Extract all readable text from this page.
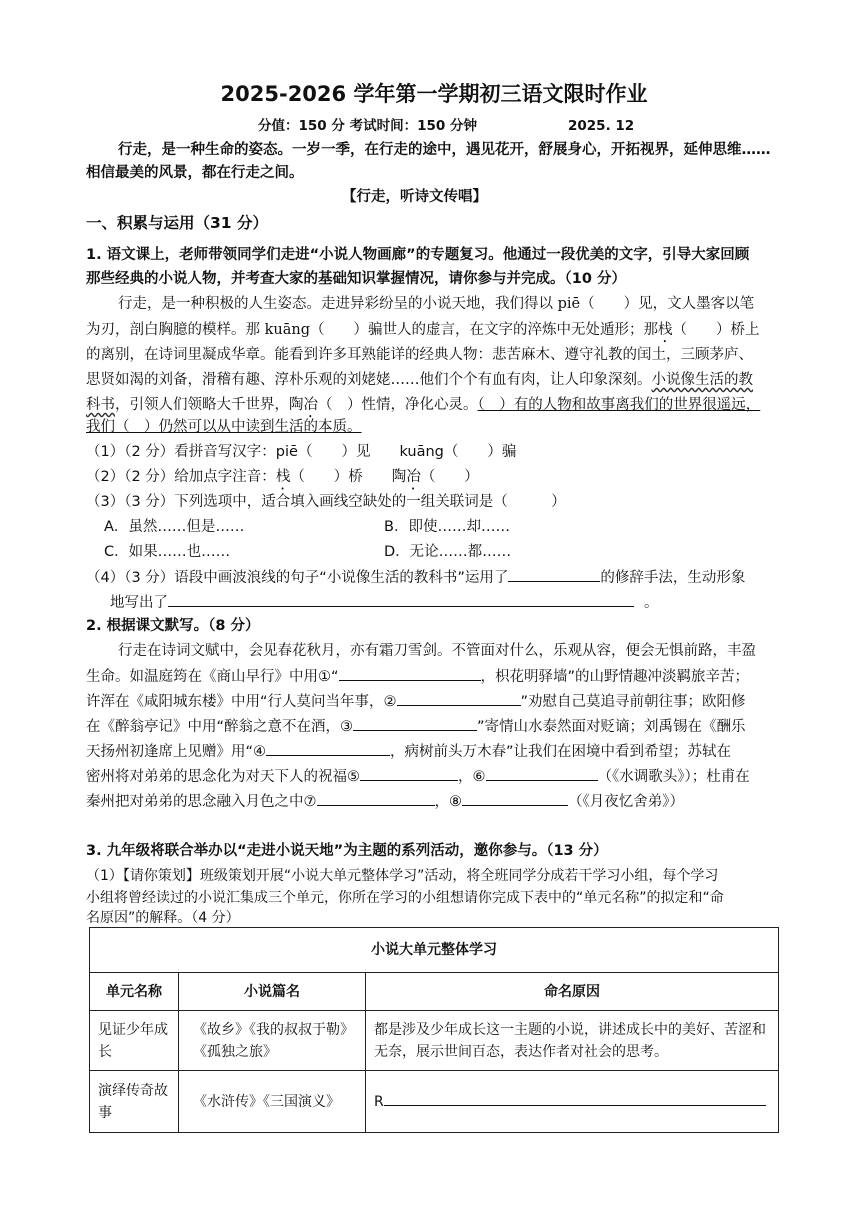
2025-2026 学年第一学期初三语文限时作业
分值：150 分 考试时间：150 分钟	2025. 12
行走，是一种生命的姿态。一岁一季，在行走的途中，遇见花开，舒展身心，开拓视界，延伸思维……
相信最美的风景，都在行走之间。
【行走，听诗文传唱】
一、积累与运用（31 分）
1. 语文课上，老师带领同学们走进“小说人物画廊”的专题复习。他通过一段优美的文字，引导大家回顾
那些经典的小说人物，并考查大家的基础知识掌握情况，请你参与并完成。（10 分）
行走，是一种积极的人生姿态。走进异彩纷呈的小说天地，我们得以 piē（　　）见，文人墨客以笔
为刃，剖白胸臆的模样。那 kuāng（　　）骗世人的虚言，在文字的淬炼中无处遁形；那栈（　　）桥上
的离别，在诗词里凝成华章。能看到许多耳熟能详的经典人物：悲苦麻木、遵守礼教的闰土，三顾茅庐、
思贤如渴的刘备，滑稽有趣、淳朴乐观的刘姥姥……他们个个有血有肉，让人印象深刻。小说像生活的教
科书，引领人们领略大千世界，陶冶（　）性情，净化心灵。（　）有的人物和故事离我们的世界很遥远，
我们（　）仍然可以从中读到生活的本质。
（1）（2 分）看拼音写汉字：piē（　　）见　　kuāng（　　）骗
（2）（2 分）给加点字注音：栈（　　）桥　　陶冶（　　）
（3）（3 分）下列选项中，适合填入画线空缺处的一组关联词是（　　　）
A．虽然……但是……	B．即使……却……
C．如果……也……	D．无论……都……
（4）（3 分）语段中画波浪线的句子“小说像生活的教科书”运用了	的修辞手法，生动形象
地写出了	。
2. 根据课文默写。（8 分）
行走在诗词文赋中，会见春花秋月，亦有霜刀雪剑。不管面对什么，乐观从容，便会无惧前路，丰盈
生命。如温庭筠在《商山早行》中用①“	，枳花明驿墙”的山野情趣冲淡羁旅辛苦；
许浑在《咸阳城东楼》中用“行人莫问当年事，②	”劝慰自己莫追寻前朝往事；欧阳修
在《醉翁亭记》中用“醉翁之意不在酒，③	”寄情山水泰然面对贬谪；刘禹锡在《酬乐
天扬州初逢席上见赠》用“④	，病树前头万木春”让我们在困境中看到希望；苏轼在
密州将对弟弟的思念化为对天下人的祝福⑤	，⑥	（《水调歌头》）；杜甫在
秦州把对弟弟的思念融入月色之中⑦	，⑧	（《月夜忆舍弟》）
3. 九年级将联合举办以“走进小说天地”为主题的系列活动，邀你参与。（13 分）
（1）【请你策划】班级策划开展“小说大单元整体学习”活动，将全班同学分成若干学习小组，每个学习
小组将曾经读过的小说汇集成三个单元，你所在学习的小组想请你完成下表中的“单元名称”的拟定和“命
名原因”的解释。（4 分）
小说大单元整体学习		
单元名称	小说篇名	命名原因
见证少年成长	《故乡》《我的叔叔于勒》《孤独之旅》	都是涉及少年成长这一主题的小说，讲述成长中的美好、苦涩和无奈，展示世间百态，表达作者对社会的思考。
演绎传奇故事	《水浒传》《三国演义》	R
